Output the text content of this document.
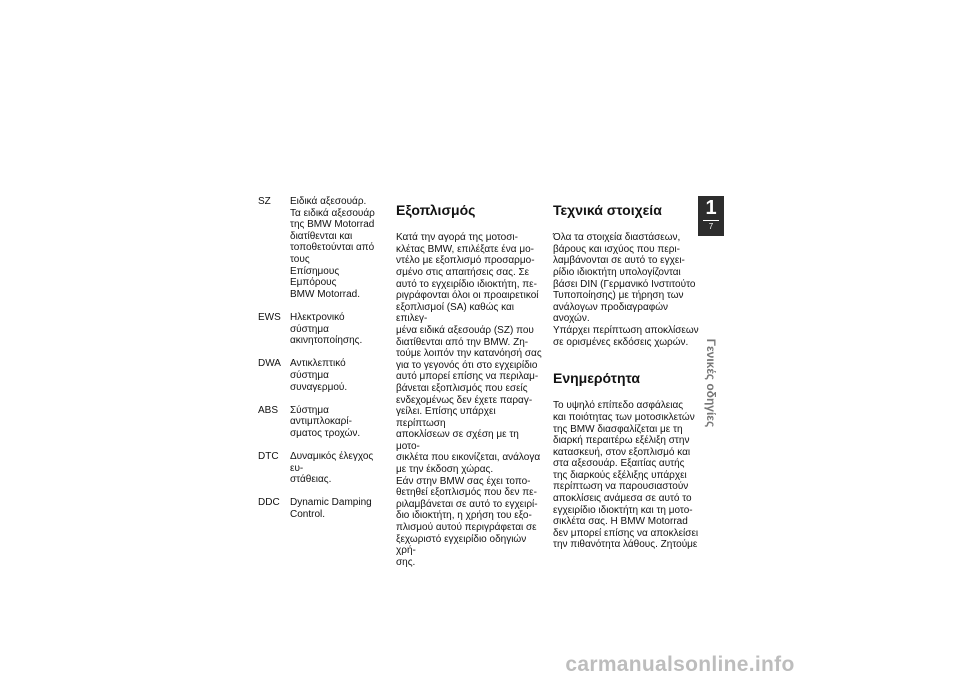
SZ	Ειδικά αξεσουάρ.
Τα ειδικά αξεσουάρ
της BMW Motorrad
διατίθενται και
τοποθετούνται από τους
Επίσημους Εμπόρους
BMW Motorrad.
EWS Ηλεκτρονικό σύστημα
ακινητοποίησης.
DWA Αντικλεπτικό σύστημα
συναγερμού.
ABS	Σύστημα αντιμπλοκαρί-
σματος τροχών.
DTC	Δυναμικός έλεγχος ευ-
στάθειας.
DDC	Dynamic Damping
Control.

Εξοπλισμός

Κατά την αγορά της μοτοσι-
κλέτας BMW, επιλέξατε ένα μο-
ντέλο με εξοπλισμό προσαρμο-
σμένο στις απαιτήσεις σας. Σε
αυτό το εγχειρίδιο ιδιοκτήτη, πε-
ριγράφονται όλοι οι προαιρετικοί
εξοπλισμοί (SA) καθώς και επιλεγ-
μένα ειδικά αξεσουάρ (SZ) που
διατίθενται από την BMW. Ζη-
τούμε λοιπόν την κατανόησή σας
για το γεγονός ότι στο εγχειρίδιο
αυτό μπορεί επίσης να περιλαμ-
βάνεται εξοπλισμός που εσείς
ενδεχομένως δεν έχετε παραγ-
γείλει. Επίσης υπάρχει περίπτωση
αποκλίσεων σε σχέση με τη μοτο-
σικλέτα που εικονίζεται, ανάλογα
με την έκδοση χώρας.
Εάν στην BMW σας έχει τοπο-
θετηθεί εξοπλισμός που δεν πε-
ριλαμβάνεται σε αυτό το εγχειρί-
διο ιδιοκτήτη, η χρήση του εξο-
πλισμού αυτού περιγράφεται σε
ξεχωριστό εγχειρίδιο οδηγιών χρή-
σης.

Τεχνικά στοιχεία

Όλα τα στοιχεία διαστάσεων,
βάρους και ισχύος που περι-
λαμβάνονται σε αυτό το εγχει-
ρίδιο ιδιοκτήτη υπολογίζονται
βάσει DIN (Γερμανικό Ινστιτούτο
Τυποποίησης) με τήρηση των
ανάλογων προδιαγραφών ανοχών.
Υπάρχει περίπτωση αποκλίσεων
σε ορισμένες εκδόσεις χωρών.

Ενημερότητα

Το υψηλό επίπεδο ασφάλειας
και ποιότητας των μοτοσικλετών
της BMW διασφαλίζεται με τη
διαρκή περαιτέρω εξέλιξη στην
κατασκευή, στον εξοπλισμό και
στα αξεσουάρ. Εξαιτίας αυτής
της διαρκούς εξέλιξης υπάρχει
περίπτωση να παρουσιαστούν
αποκλίσεις ανάμεσα σε αυτό το
εγχειρίδιο ιδιοκτήτη και τη μοτο-
σικλέτα σας. Η BMW Motorrad
δεν μπορεί επίσης να αποκλείσει
την πιθανότητα λάθους. Ζητούμε

1
7
Γενικές οδηγίες
carmanualsonline.info
